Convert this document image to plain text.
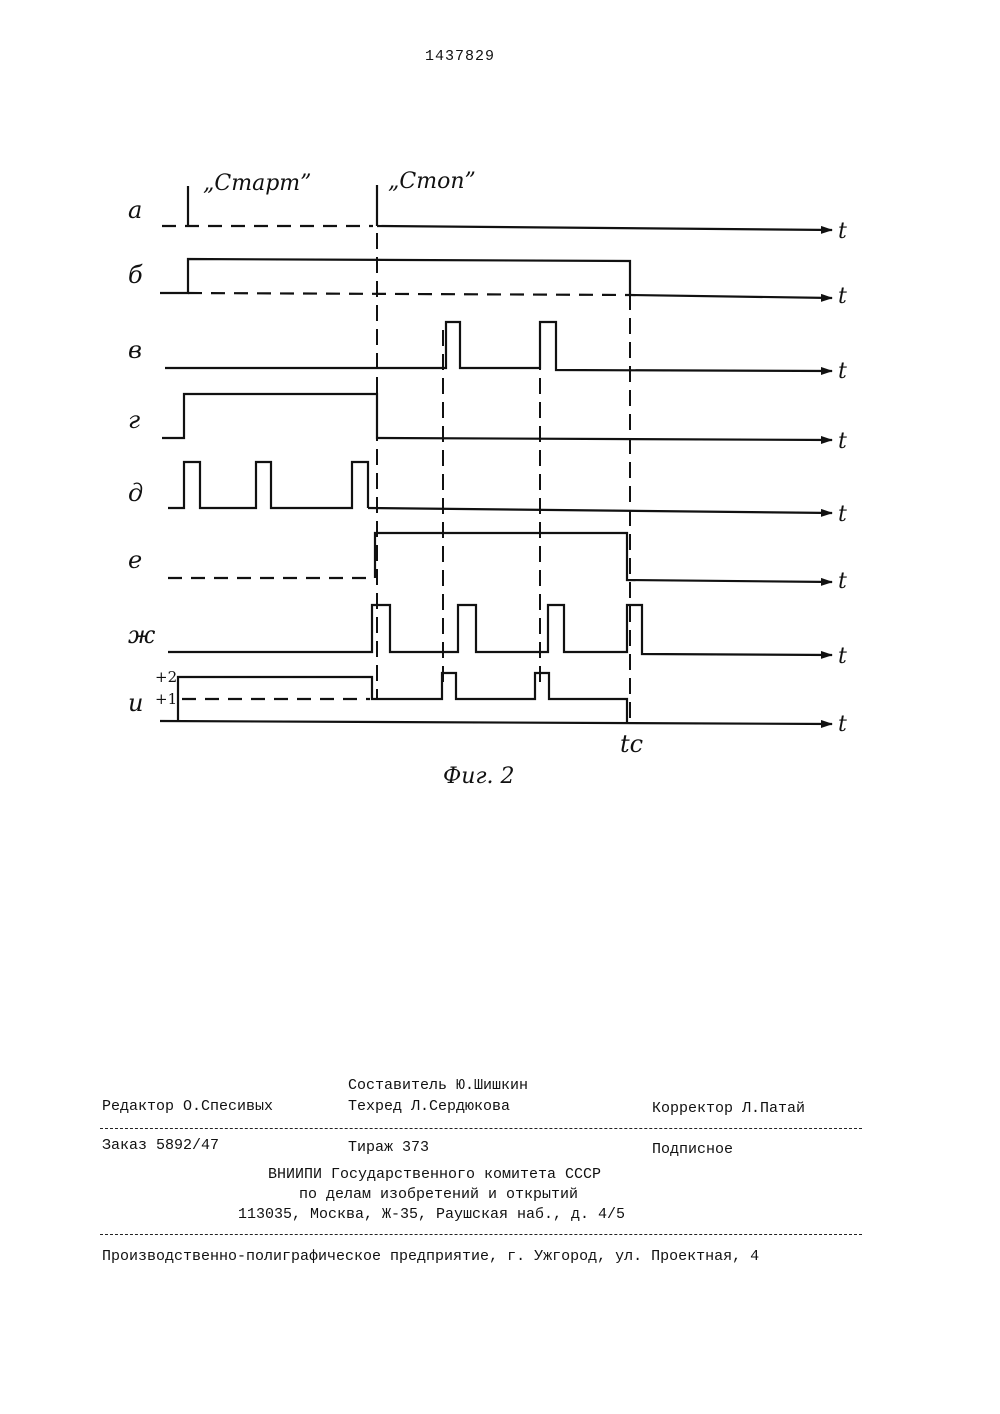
1437829
а
t
б
t
в
t
г
t
д
t
е
t
ж
t
и
t
„Старт”	„Стоп”
+2
+1
tc
Фиг. 2
Составитель Ю.Шишкин
Редактор О.Спесивых	Техред Л.Сердюкова	Корректор Л.Патай
Заказ 5892/47	Тираж 373	Подписное
ВНИИПИ Государственного комитета СССР
по делам изобретений и открытий
113035, Москва, Ж-35, Раушская наб., д. 4/5
Производственно-полиграфическое предприятие, г. Ужгород, ул. Проектная, 4
